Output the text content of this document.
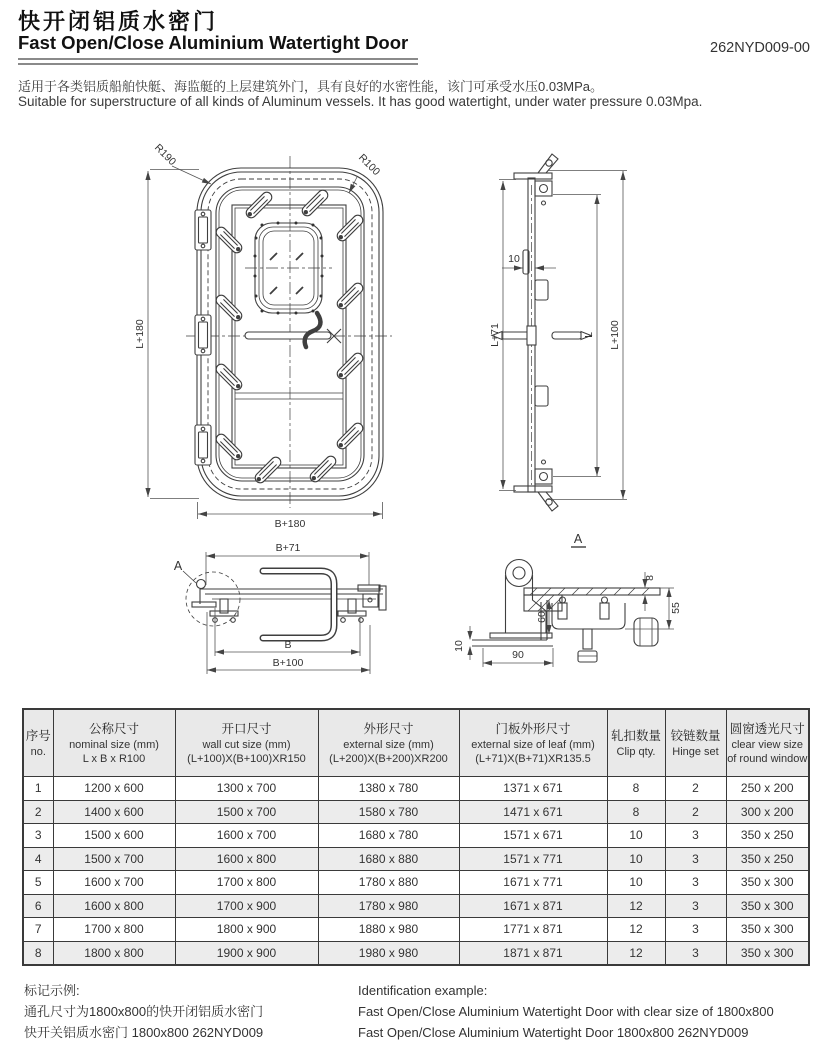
快开闭铝质水密门
Fast Open/Close Aluminium Watertight Door	262NYD009-00
适用于各类铝质船舶快艇、海监艇的上层建筑外门，具有良好的水密性能，该门可承受水压0.03MPa。
Suitable for superstructure of all kinds of Aluminum vessels. It has good watertight, under water pressure 0.03Mpa.
L+180
B+180
R190	R100
10
L+71	L L+100
A
B+71
B
B+100
A
8
55
60
10
90
序号
no.

公称尺寸
nominal size (mm)
L x B x R100

开口尺寸
wall cut size (mm)
(L+100)X(B+100)XR150

外形尺寸
external size (mm)
(L+200)X(B+200)XR200

门板外形尺寸
external size of leaf (mm)
(L+71)X(B+71)XR135.5

轧扣数量
Clip qty.

铰链数量
Hinge set

圆窗透光尺寸
clear view size
of round window

1	1200 x 600	1300 x 700	1380 x 780	1371 x 671	8	2	250 x 200
2	1400 x 600	1500 x 700	1580 x 780	1471 x 671	8	2	300 x 200
3	1500 x 600	1600 x 700	1680 x 780	1571 x 671	10	3	350 x 250
4	1500 x 700	1600 x 800	1680 x 880	1571 x 771	10	3	350 x 250
5	1600 x 700	1700 x 800	1780 x 880	1671 x 771	10	3	350 x 300
6	1600 x 800	1700 x 900	1780 x 980	1671 x 871	12	3	350 x 300
7	1700 x 800	1800 x 900	1880 x 980	1771 x 871	12	3	350 x 300
8	1800 x 800	1900 x 900	1980 x 980	1871 x 871	12	3	350 x 300
标记示例:
通孔尺寸为1800x800的快开闭铝质水密门
快开关铝质水密门 1800x800 262NYD009
Identification example:
Fast Open/Close Aluminium Watertight Door with clear size of 1800x800
Fast Open/Close Aluminium Watertight Door 1800x800 262NYD009
